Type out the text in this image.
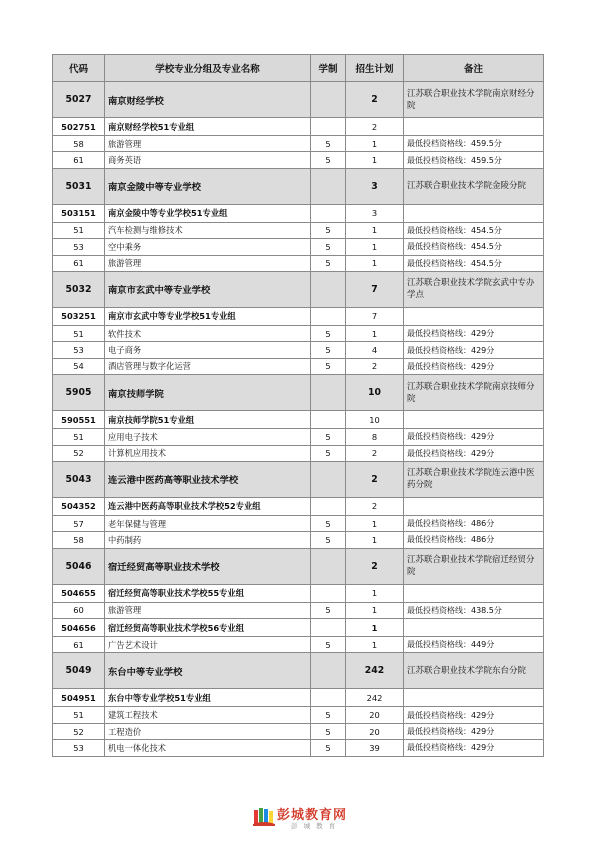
代码	学校专业分组及专业名称	学制	招生计划	备注
5027	南京财经学校		2	江苏联合职业技术学院南京财经分院
502751	南京财经学校51专业组		2	
58	旅游管理	5	1	最低投档资格线：459.5分
61	商务英语	5	1	最低投档资格线：459.5分
5031	南京金陵中等专业学校		3	江苏联合职业技术学院金陵分院
503151	南京金陵中等专业学校51专业组		3	
51	汽车检测与维修技术	5	1	最低投档资格线：454.5分
53	空中乘务	5	1	最低投档资格线：454.5分
61	旅游管理	5	1	最低投档资格线：454.5分
5032	南京市玄武中等专业学校		7	江苏联合职业技术学院玄武中专办学点
503251	南京市玄武中等专业学校51专业组		7	
51	软件技术	5	1	最低投档资格线：429分
53	电子商务	5	4	最低投档资格线：429分
54	酒店管理与数字化运营	5	2	最低投档资格线：429分
5905	南京技师学院		10	江苏联合职业技术学院南京技师分院
590551	南京技师学院51专业组		10	
51	应用电子技术	5	8	最低投档资格线：429分
52	计算机应用技术	5	2	最低投档资格线：429分
5043	连云港中医药高等职业技术学校		2	江苏联合职业技术学院连云港中医药分院
504352	连云港中医药高等职业技术学校52专业组		2	
57	老年保健与管理	5	1	最低投档资格线：486分
58	中药制药	5	1	最低投档资格线：486分
5046	宿迁经贸高等职业技术学校		2	江苏联合职业技术学院宿迁经贸分院
504655	宿迁经贸高等职业技术学校55专业组		1	
60	旅游管理	5	1	最低投档资格线：438.5分
504656	宿迁经贸高等职业技术学校56专业组		1	
61	广告艺术设计	5	1	最低投档资格线：449分
5049	东台中等专业学校		242	江苏联合职业技术学院东台分院
504951	东台中等专业学校51专业组		242	
51	建筑工程技术	5	20	最低投档资格线：429分
52	工程造价	5	20	最低投档资格线：429分
53	机电一体化技术	5	39	最低投档资格线：429分
彭城教育网
彭 城 教 育
